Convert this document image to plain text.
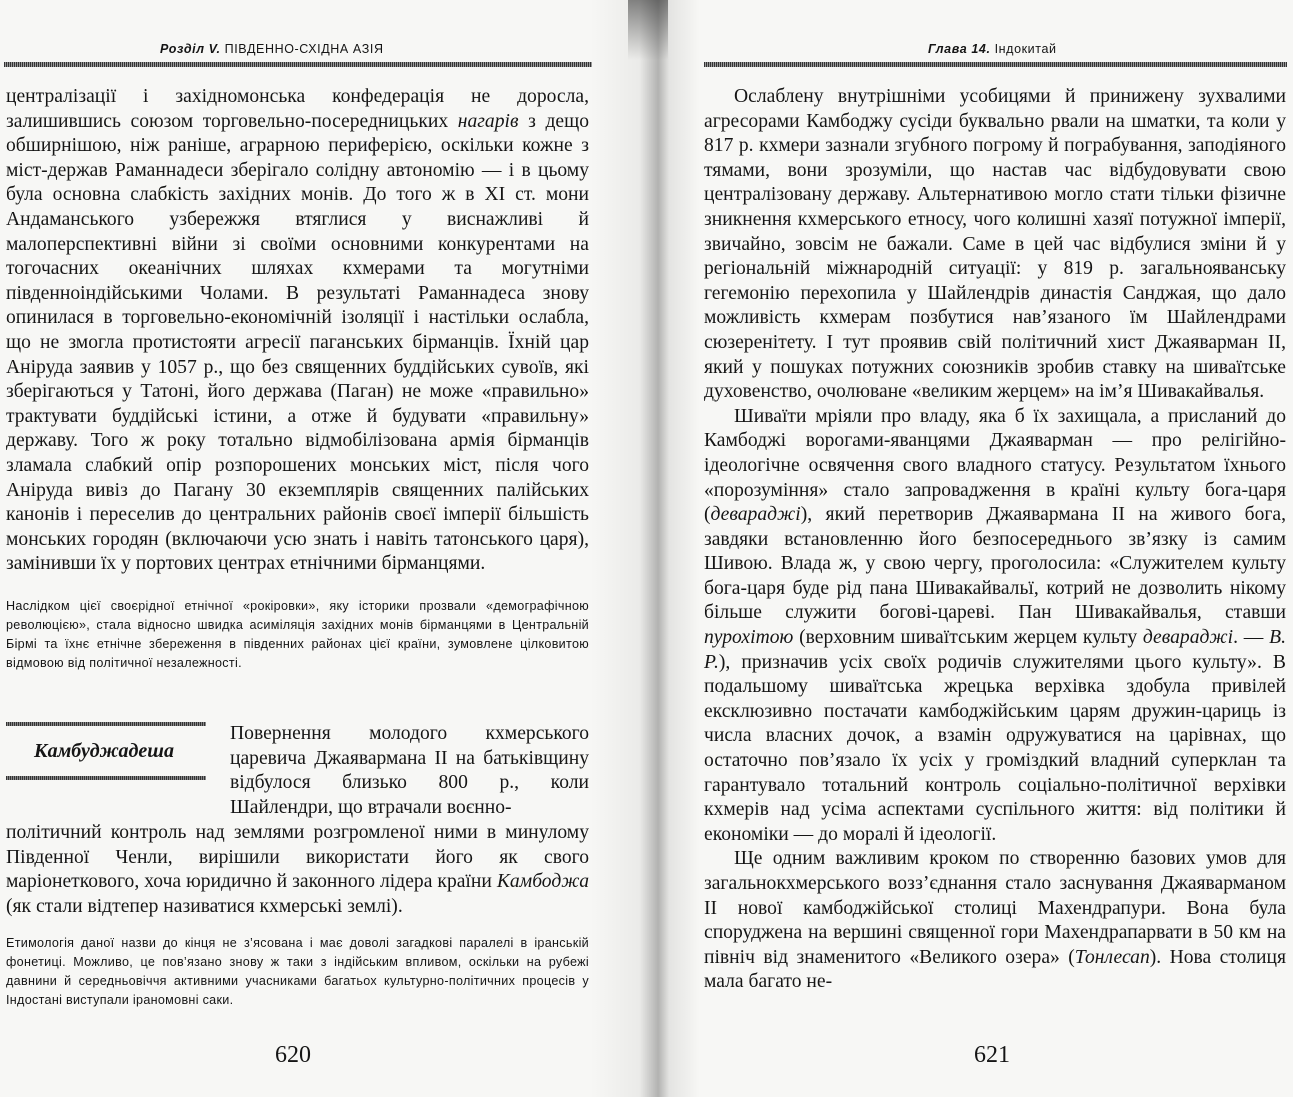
Розділ V. ПІВДЕННО-СХІДНА АЗІЯ

централізації і західномонська конфедерація не доросла, залишившись союзом торговельно-посередницьких нагарів з дещо обширнішою, ніж раніше, аграрною периферією, оскільки кожне з міст-держав Раманнадеси зберігало солідну автономію — і в цьому була основна слабкість західних монів. До того ж в XI ст. мони Андаманського узбережжя втяглися у виснажливі й малоперспективні війни зі своїми основними конкурентами на тогочасних океанічних шляхах кхмерами та могутніми південноіндійськими Чолами. В результаті Раманнадеса знову опинилася в торговельно-економічній ізоляції і настільки ослабла, що не змогла протистояти агресії паганських бірманців. Їхній цар Аніруда заявив у 1057 р., що без священних буддійських сувоїв, які зберігаються у Татоні, його держава (Паган) не може «правильно» трактувати буддійські істини, а отже й будувати «правильну» державу. Того ж року тотально відмобілізована армія бірманців зламала слабкий опір розпорошених монських міст, після чого Аніруда вивіз до Пагану 30 екземплярів священних палійських канонів і переселив до центральних районів своєї імперії більшість монських городян (включаючи усю знать і навіть татонського царя), замінивши їх у портових центрах етнічними бірманцями.

Наслідком цієї своєрідної етнічної «рокіровки», яку історики прозвали «демографічною революцією», стала відносно швидка асиміляція західних монів бірманцями в Центральній Бірмі та їхнє етнічне збереження в південних районах цієї країни, зумовлене цілковитою відмовою від політичної незалежності.
Камбуджадеша
Повернення молодого кхмерського царевича Джаявармана II на батьківщину відбулося близько 800 р., коли Шайлендри, що втрачали воєнно-
політичний контроль над землями розгромленої ними в минулому Південної Ченли, вирішили використати його як свого маріонеткового, хоча юридично й законного лідера країни Камбоджа (як стали відтепер називатися кхмерські землі).
Етимологія даної назви до кінця не з’ясована і має доволі загадкові паралелі в іранській фонетиці. Можливо, це пов’язано знову ж таки з індійським впливом, оскільки на рубежі давнини й середньовіччя активними учасниками багатьох культурно-політичних процесів у Індостані виступали іраномовні саки.
620
Глава 14. Індокитай

Ослаблену внутрішніми усобицями й принижену зухвалими агресорами Камбоджу сусіди буквально рвали на шматки, та коли у 817 р. кхмери зазнали згубного погрому й пограбування, заподіяного тямами, вони зрозуміли, що настав час відбудовувати свою централізовану державу. Альтернативою могло стати тільки фізичне зникнення кхмерського етносу, чого колишні хазяї потужної імперії, звичайно, зовсім не бажали. Саме в цей час відбулися зміни й у регіональній міжнародній ситуації: у 819 р. загальнояванську гегемонію перехопила у Шайлендрів династія Санджая, що дало можливість кхмерам позбутися нав’язаного їм Шайлендрами сюзеренітету. І тут проявив свій політичний хист Джаяварман II, який у пошуках потужних союзників зробив ставку на шиваїтське духовенство, очолюване «великим жерцем» на ім’я Шивакайвалья.

Шиваїти мріяли про владу, яка б їх захищала, а присланий до Камбоджі ворогами-яванцями Джаяварман — про релігійно-ідеологічне освячення свого владного статусу. Результатом їхнього «порозуміння» стало запровадження в країні культу бога-царя (девараджі), який перетворив Джаявармана II на живого бога, завдяки встановленню його безпосереднього зв’язку із самим Шивою. Влада ж, у свою чергу, проголосила: «Служителем культу бога-царя буде рід пана Шивакайвальї, котрий не дозволить нікому більше служити богові-цареві. Пан Шивакайвалья, ставши пурохітою (верховним шиваїтським жерцем культу девараджі. — В. Р.), призначив усіх своїх родичів служителями цього культу». В подальшому шиваїтська жрецька верхівка здобула привілей ексклюзивно постачати камбоджійським царям дружин-цариць із числа власних дочок, а взамін одружуватися на царівнах, що остаточно пов’язало їх усіх у громіздкий владний суперклан та гарантувало тотальний контроль соціально-політичної верхівки кхмерів над усіма аспектами суспільного життя: від політики й економіки — до моралі й ідеології.

Ще одним важливим кроком по створенню базових умов для загальнокхмерського возз’єднання стало заснування Джаяварманом II нової камбоджійської столиці Махендрапури. Вона була споруджена на вершині священної гори Махендрапарвати в 50 км на північ від знаменитого «Великого озера» (Тонлесап). Нова столиця мала багато не-

621
